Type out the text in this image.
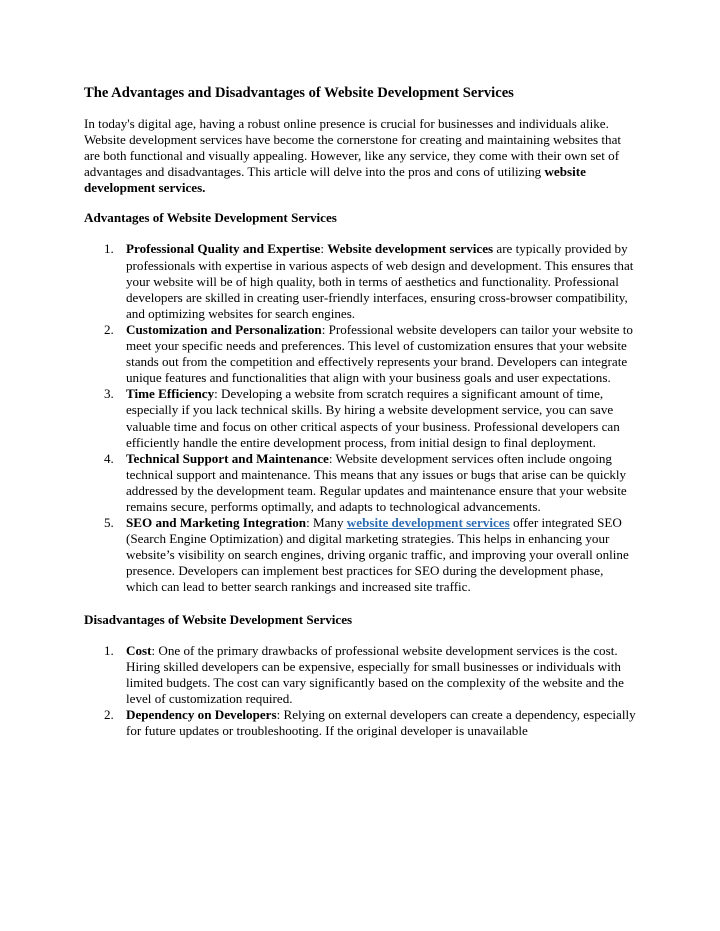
The Advantages and Disadvantages of Website Development Services

In today's digital age, having a robust online presence is crucial for businesses and individuals alike. Website development services have become the cornerstone for creating and maintaining websites that are both functional and visually appealing. However, like any service, they come with their own set of advantages and disadvantages. This article will delve into the pros and cons of utilizing website development services.

Advantages of Website Development Services
1. Professional Quality and Expertise: Website development services are typically provided by professionals with expertise in various aspects of web design and development. This ensures that your website will be of high quality, both in terms of aesthetics and functionality. Professional developers are skilled in creating user-friendly interfaces, ensuring cross-browser compatibility, and optimizing websites for search engines.
2. Customization and Personalization: Professional website developers can tailor your website to meet your specific needs and preferences. This level of customization ensures that your website stands out from the competition and effectively represents your brand. Developers can integrate unique features and functionalities that align with your business goals and user expectations.
3. Time Efficiency: Developing a website from scratch requires a significant amount of time, especially if you lack technical skills. By hiring a website development service, you can save valuable time and focus on other critical aspects of your business. Professional developers can efficiently handle the entire development process, from initial design to final deployment.
4. Technical Support and Maintenance: Website development services often include ongoing technical support and maintenance. This means that any issues or bugs that arise can be quickly addressed by the development team. Regular updates and maintenance ensure that your website remains secure, performs optimally, and adapts to technological advancements.
5. SEO and Marketing Integration: Many website development services offer integrated SEO (Search Engine Optimization) and digital marketing strategies. This helps in enhancing your website’s visibility on search engines, driving organic traffic, and improving your overall online presence. Developers can implement best practices for SEO during the development phase, which can lead to better search rankings and increased site traffic.
Disadvantages of Website Development Services
1. Cost: One of the primary drawbacks of professional website development services is the cost. Hiring skilled developers can be expensive, especially for small businesses or individuals with limited budgets. The cost can vary significantly based on the complexity of the website and the level of customization required.
2. Dependency on Developers: Relying on external developers can create a dependency, especially for future updates or troubleshooting. If the original developer is unavailable
